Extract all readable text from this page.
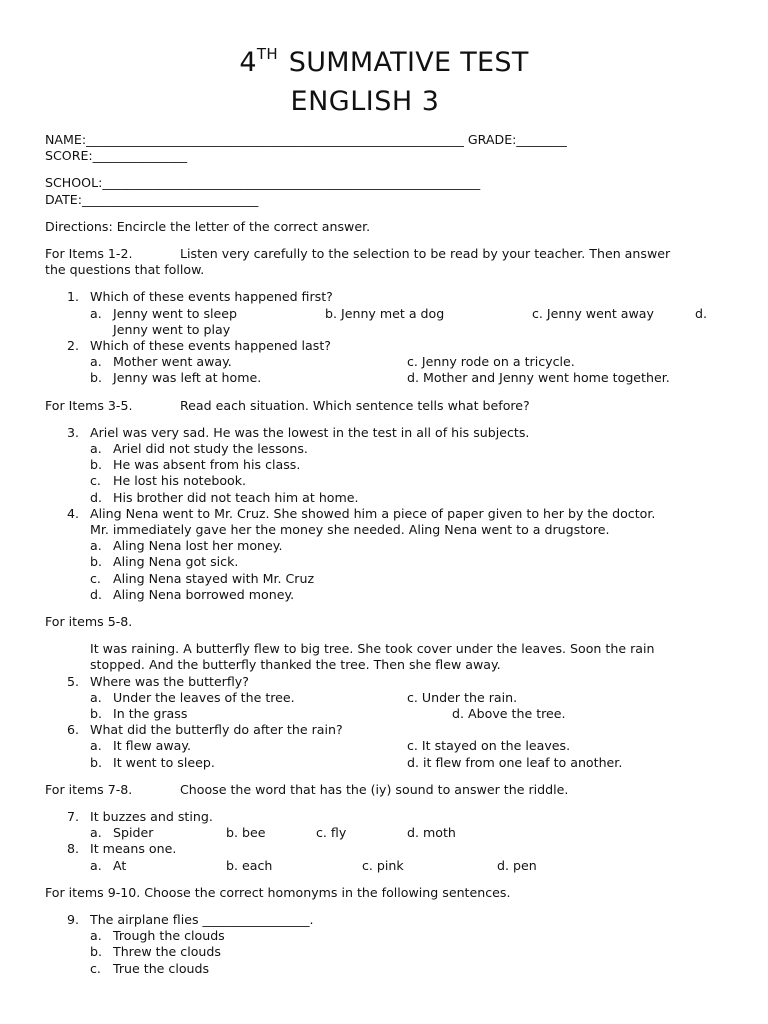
4TH SUMMATIVE TEST
ENGLISH 3
NAME:____________________________________________________________ GRADE:________
SCORE:_______________
SCHOOL:____________________________________________________________
DATE:____________________________
Directions: Encircle the letter of the correct answer.
For Items 1-2.	Listen very carefully to the selection to be read by your teacher. Then answer
the questions that follow.
1. Which of these events happened first?
a. Jenny went to sleep	b. Jenny met a dog	c. Jenny went away	d.
Jenny went to play
2. Which of these events happened last?
a. Mother went away.	c. Jenny rode on a tricycle.
b. Jenny was left at home.	d. Mother and Jenny went home together.
For Items 3-5.	Read each situation. Which sentence tells what before?
3. Ariel was very sad. He was the lowest in the test in all of his subjects.
a. Ariel did not study the lessons.
b. He was absent from his class.
c. He lost his notebook.
d. His brother did not teach him at home.
4. Aling Nena went to Mr. Cruz. She showed him a piece of paper given to her by the doctor.
Mr. immediately gave her the money she needed. Aling Nena went to a drugstore.
a. Aling Nena lost her money.
b. Aling Nena got sick.
c. Aling Nena stayed with Mr. Cruz
d. Aling Nena borrowed money.
For items 5-8.
It was raining. A butterfly flew to big tree. She took cover under the leaves. Soon the rain
stopped. And the butterfly thanked the tree. Then she flew away.
5. Where was the butterfly?
a. Under the leaves of the tree.	c. Under the rain.
b. In the grass	d. Above the tree.
6. What did the butterfly do after the rain?
a. It flew away.	c. It stayed on the leaves.
b. It went to sleep.	d. it flew from one leaf to another.
For items 7-8.	Choose the word that has the (iy) sound to answer the riddle.
7. It buzzes and sting.
a. Spider	b. bee	c. fly	d. moth
8. It means one.
a. At	b. each	c. pink	d. pen
For items 9-10. Choose the correct homonyms in the following sentences.
9. The airplane flies _________________.
a. Trough the clouds
b. Threw the clouds
c. True the clouds
